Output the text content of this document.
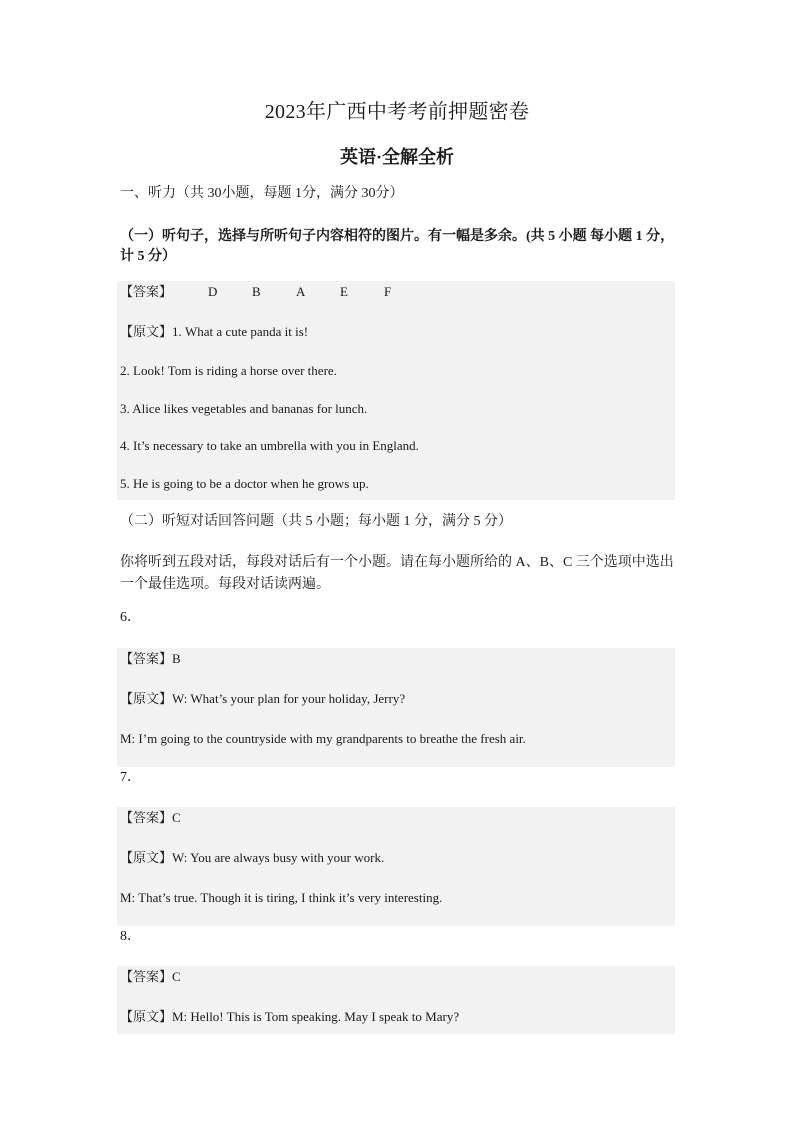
2023年广西中考考前押题密卷
英语·全解全析
一、听力（共 30小题，每题 1分，满分 30分）
（一）听句子，选择与所听句子内容相符的图片。有一幅是多余。(共 5 小题 每小题 1 分，
计 5 分）
【答案】	D	B	A	E	F
【原文】1. What a cute panda it is!
2. Look! Tom is riding a horse over there.
3. Alice likes vegetables and bananas for lunch.
4. It’s necessary to take an umbrella with you in England.
5. He is going to be a doctor when he grows up.
（二）听短对话回答问题（共 5 小题；每小题 1 分，满分 5 分）
你将听到五段对话，每段对话后有一个小题。请在每小题所给的 A、B、C 三个选项中选出
一个最佳选项。每段对话读两遍。
6．
【答案】B
【原文】W: What’s your plan for your holiday, Jerry?
M: I’m going to the countryside with my grandparents to breathe the fresh air.
7．
【答案】C
【原文】W: You are always busy with your work.
M: That’s true. Though it is tiring, I think it’s very interesting.
8．
【答案】C
【原文】M: Hello! This is Tom speaking. May I speak to Mary?
